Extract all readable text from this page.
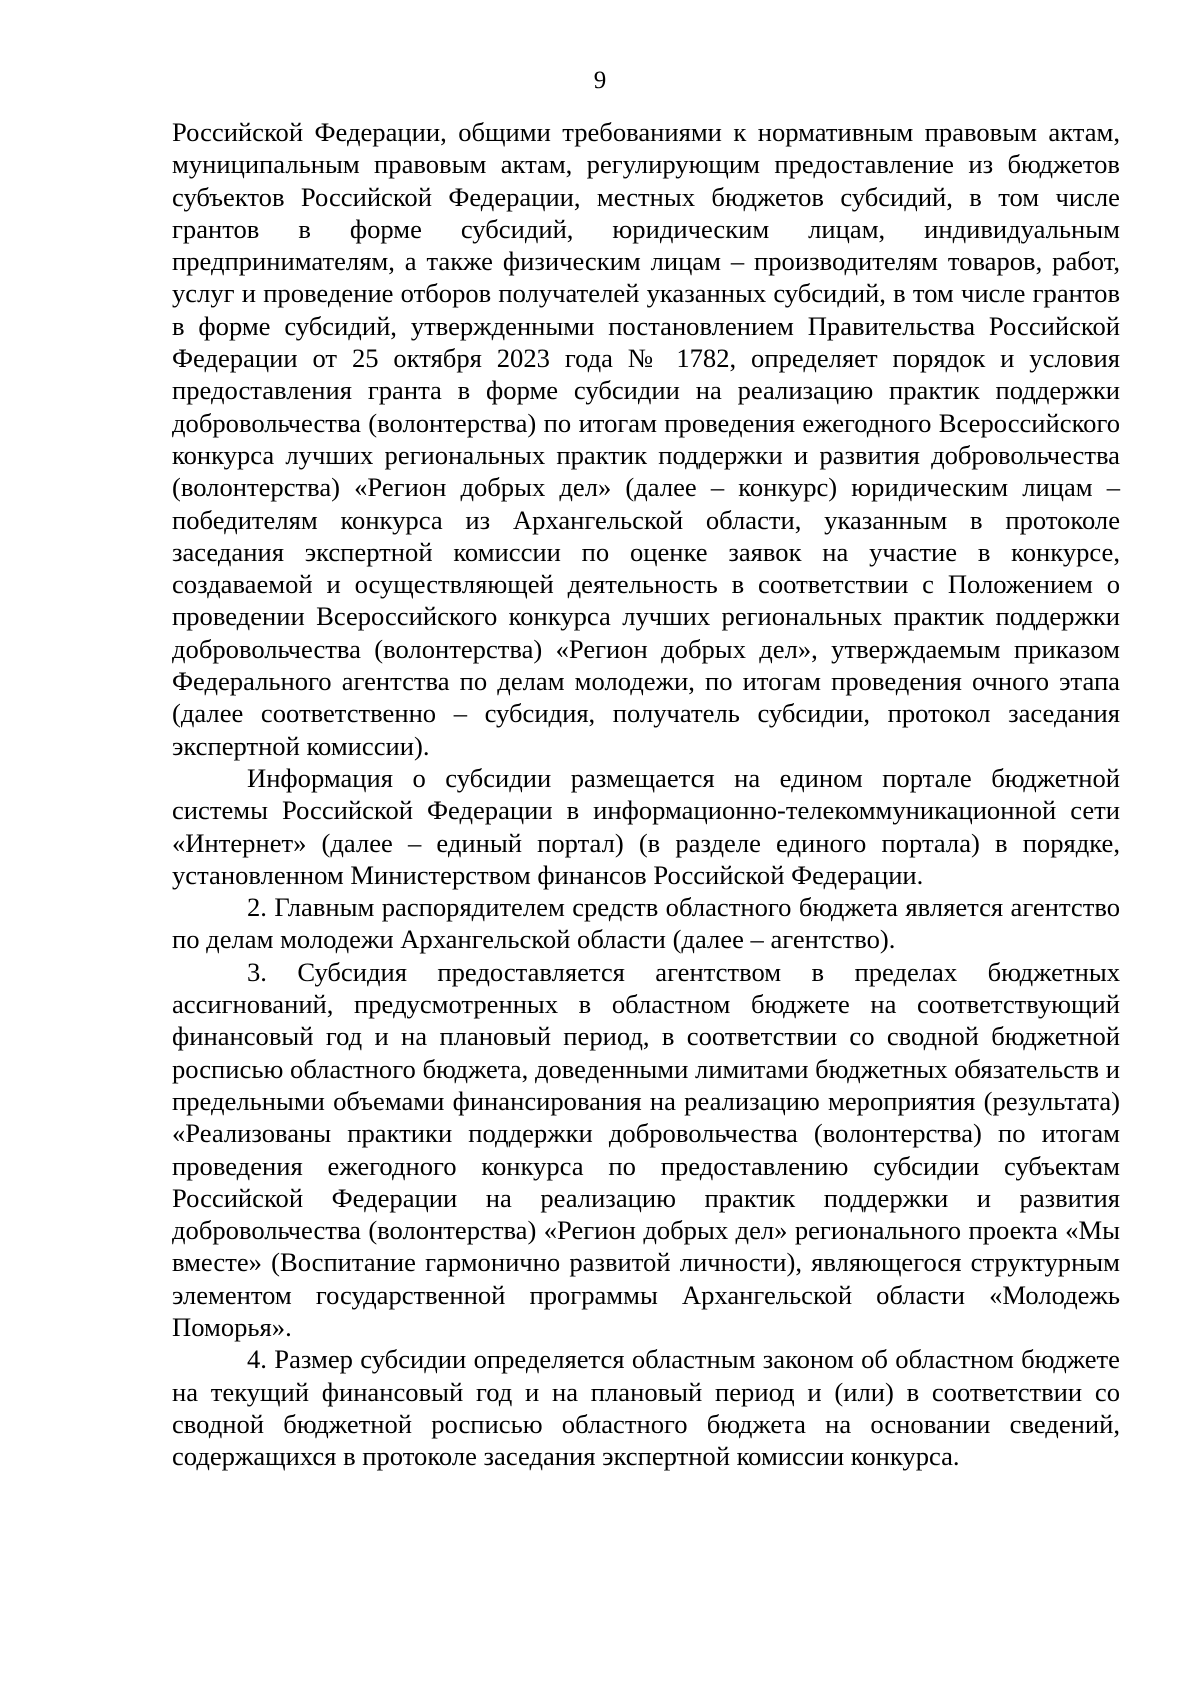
9

Российской Федерации, общими требованиями к нормативным правовым актам, муниципальным правовым актам, регулирующим предоставление из бюджетов субъектов Российской Федерации, местных бюджетов субсидий, в том числе грантов в форме субсидий, юридическим лицам, индивидуальным предпринимателям, а также физическим лицам – производителям товаров, работ, услуг и проведение отборов получателей указанных субсидий, в том числе грантов в форме субсидий, утвержденными постановлением Правительства Российской Федерации от 25 октября 2023 года № 1782, определяет порядок и условия предоставления гранта в форме субсидии на реализацию практик поддержки добровольчества (волонтерства) по итогам проведения ежегодного Всероссийского конкурса лучших региональных практик поддержки и развития добровольчества (волонтерства) «Регион добрых дел» (далее – конкурс) юридическим лицам – победителям конкурса из Архангельской области, указанным в протоколе заседания экспертной комиссии по оценке заявок на участие в конкурсе, создаваемой и осуществляющей деятельность в соответствии с Положением о проведении Всероссийского конкурса лучших региональных практик поддержки добровольчества (волонтерства) «Регион добрых дел», утверждаемым приказом Федерального агентства по делам молодежи, по итогам проведения очного этапа (далее соответственно – субсидия, получатель субсидии, протокол заседания экспертной комиссии).

Информация о субсидии размещается на едином портале бюджетной системы Российской Федерации в информационно-телекоммуникационной сети «Интернет» (далее – единый портал) (в разделе единого портала) в порядке, установленном Министерством финансов Российской Федерации.

2. Главным распорядителем средств областного бюджета является агентство по делам молодежи Архангельской области (далее – агентство).

3. Субсидия предоставляется агентством в пределах бюджетных ассигнований, предусмотренных в областном бюджете на соответствующий финансовый год и на плановый период, в соответствии со сводной бюджетной росписью областного бюджета, доведенными лимитами бюджетных обязательств и предельными объемами финансирования на реализацию мероприятия (результата) «Реализованы практики поддержки добровольчества (волонтерства) по итогам проведения ежегодного конкурса по предоставлению субсидии субъектам Российской Федерации на реализацию практик поддержки и развития добровольчества (волонтерства) «Регион добрых дел» регионального проекта «Мы вместе» (Воспитание гармонично развитой личности), являющегося структурным элементом государственной программы Архангельской области «Молодежь Поморья».

4. Размер субсидии определяется областным законом об областном бюджете на текущий финансовый год и на плановый период и (или) в соответствии со сводной бюджетной росписью областного бюджета на основании сведений, содержащихся в протоколе заседания экспертной комиссии конкурса.
